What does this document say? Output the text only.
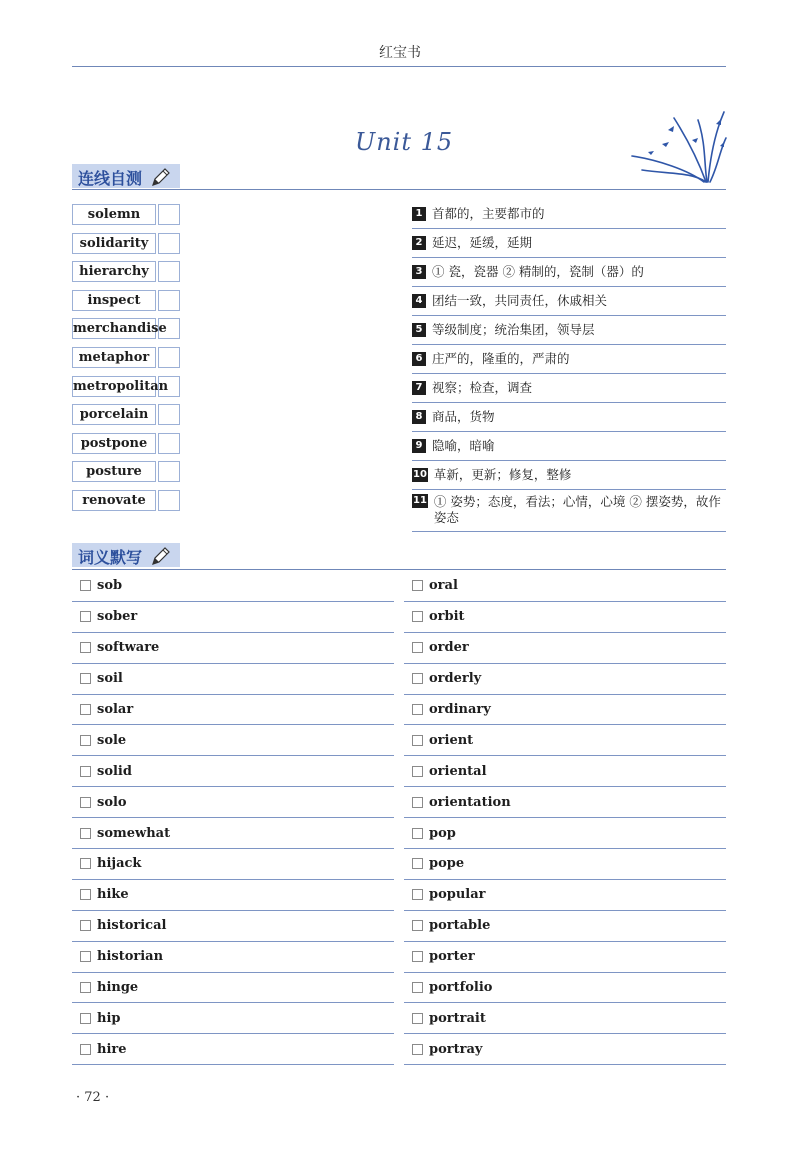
红宝书
Unit 15
连线自测
solemn
solidarity
hierarchy
inspect
merchandise
metaphor
metropolitan
porcelain
postpone
posture
renovate
1 首都的，主要都市的
2 延迟，延缓，延期
3 ① 瓷，瓷器 ② 精制的，瓷制（器）的
4 团结一致，共同责任，休戚相关
5 等级制度；统治集团，领导层
6 庄严的，隆重的，严肃的
7 视察；检查，调查
8 商品，货物
9 隐喻，暗喻
10 革新，更新；修复，整修
11 ① 姿势；态度，看法；心情，心境 ② 摆姿势，故作姿态
词义默写
sob	oral
sober	orbit
software	order
soil	orderly
solar	ordinary
sole	orient
solid	oriental
solo	orientation
somewhat	pop
hijack	pope
hike	popular
historical	portable
historian	porter
hinge	portfolio
hip	portrait
hire	portray
· 72 ·
